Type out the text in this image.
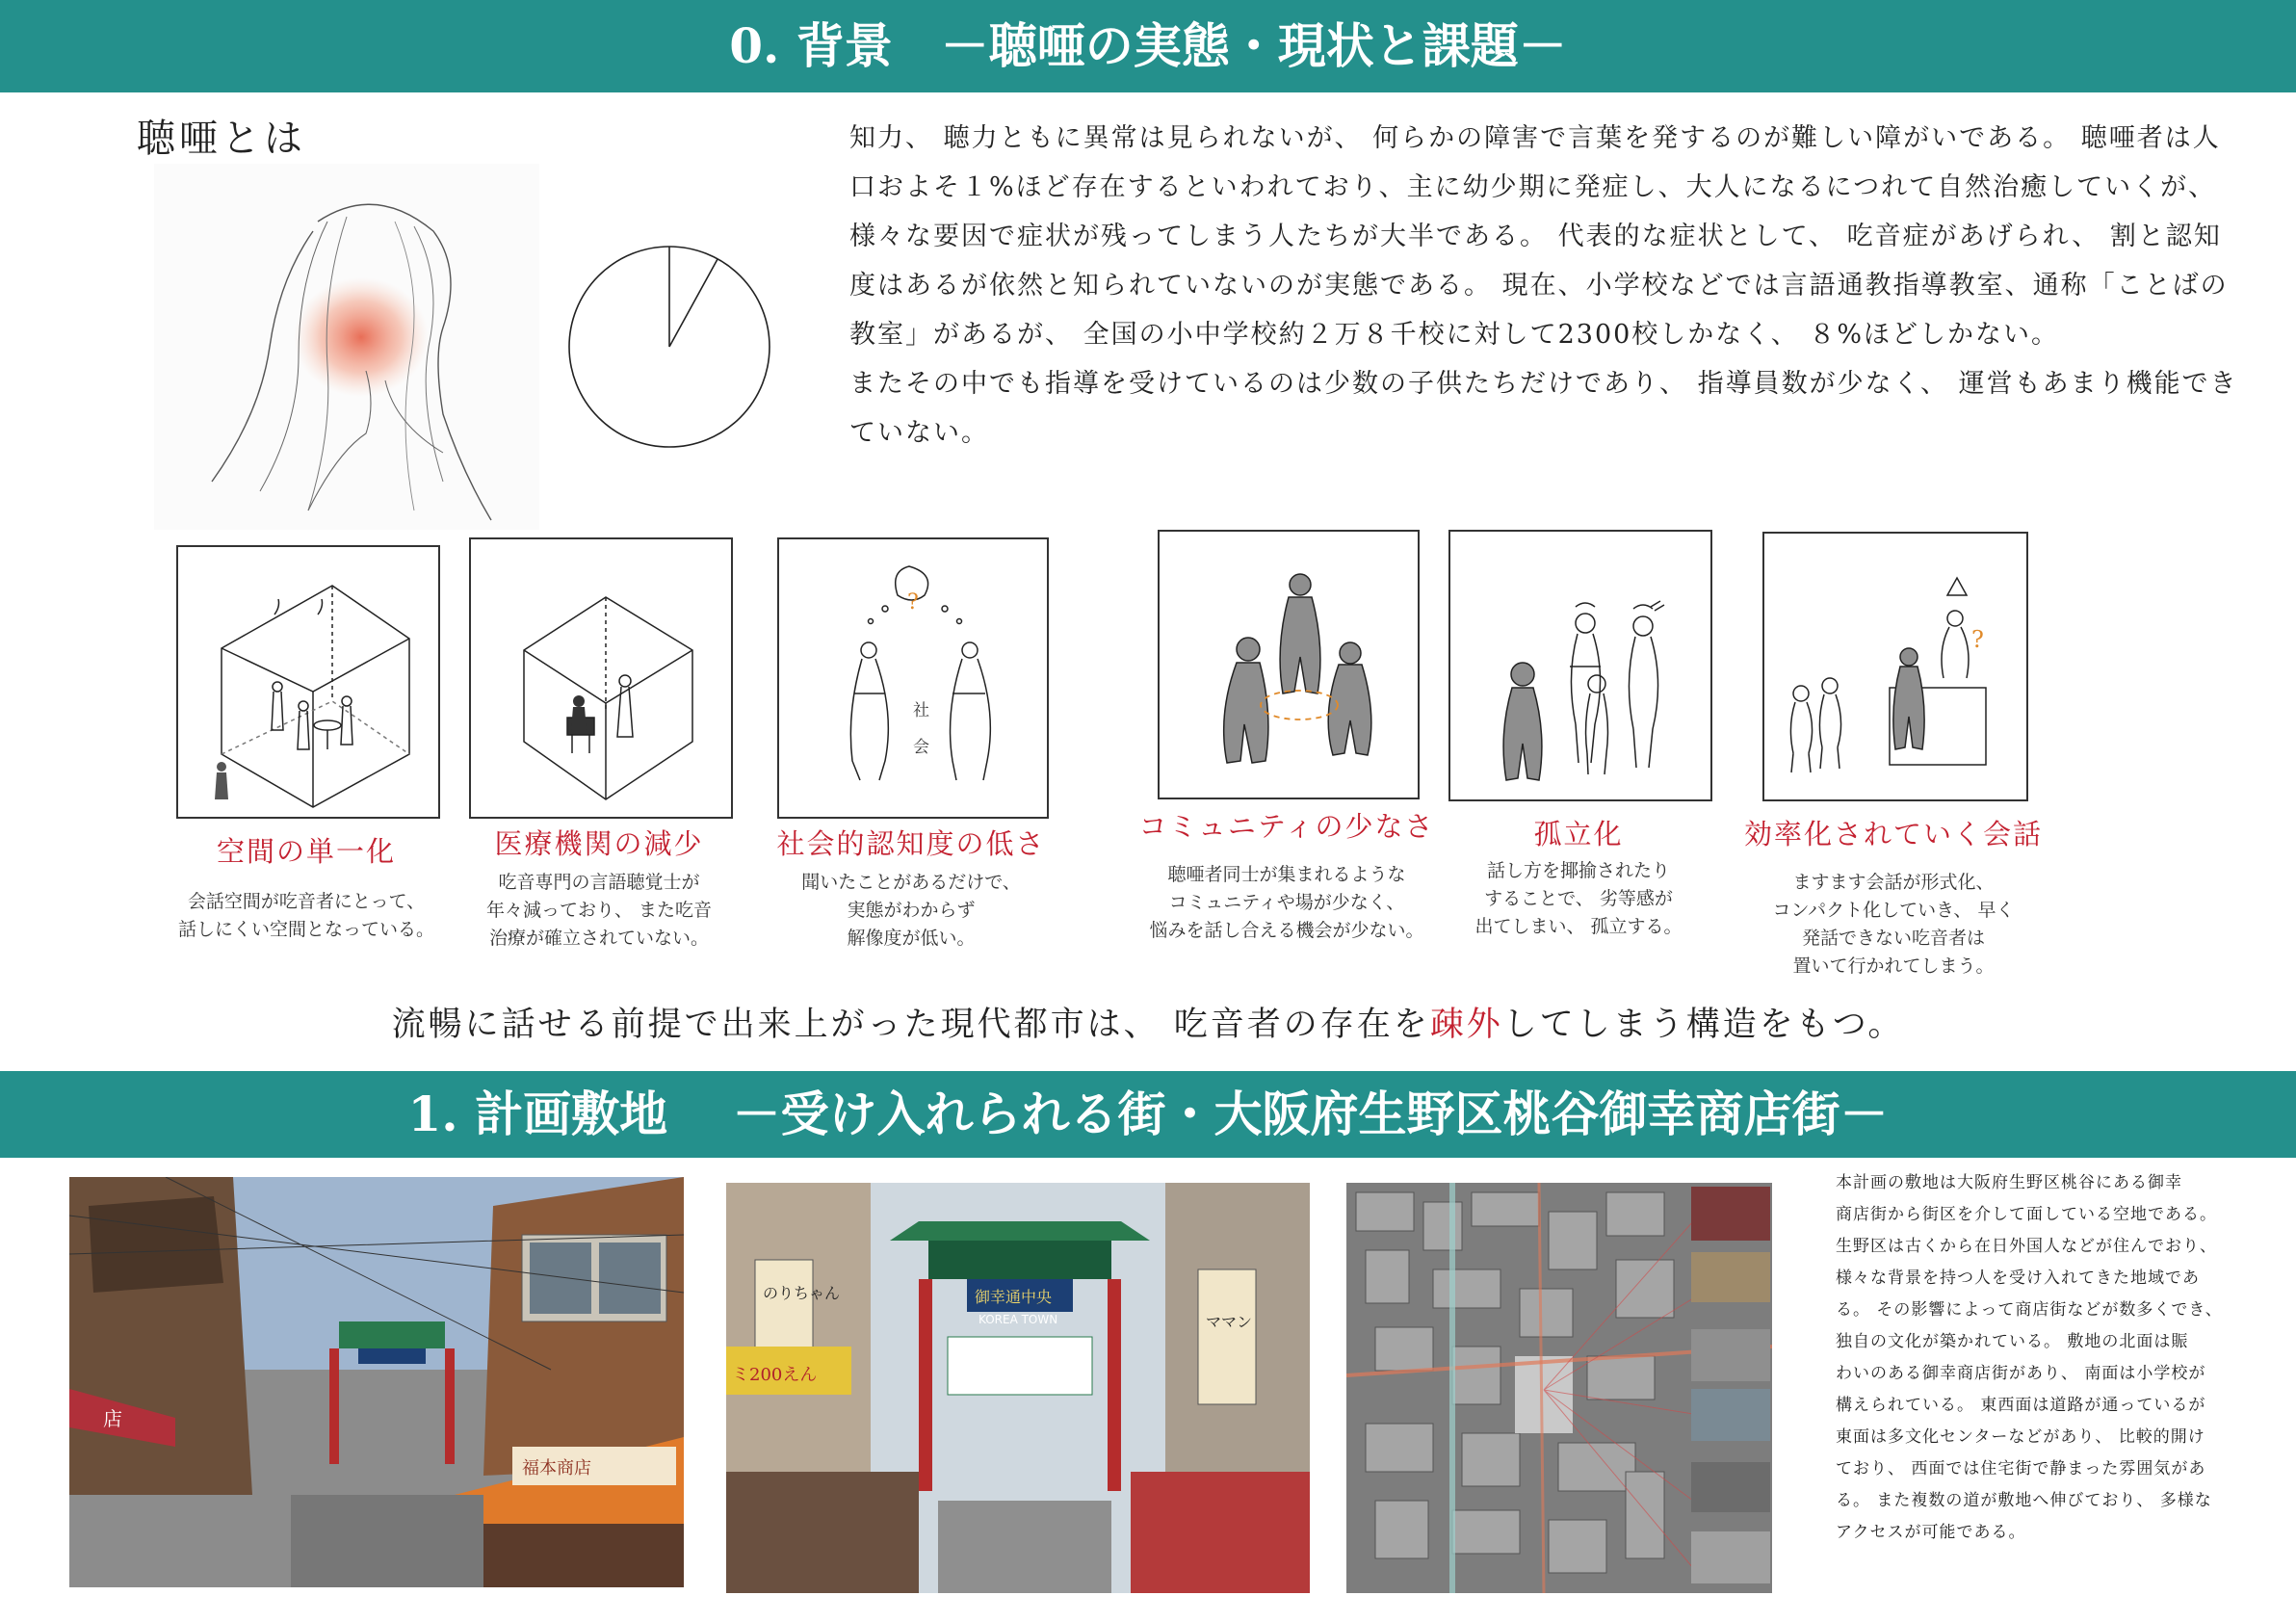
0. 背景　－聴唖の実態・現状と課題－
聴唖とは	知力、 聴力ともに異常は見られないが、 何らかの障害で言葉を発するのが難しい障がいである。 聴唖者は人口およそ１%ほど存在するといわれており、主に幼少期に発症し、大人になるにつれて自然治癒していくが、様々な要因で症状が残ってしまう人たちが大半である。 代表的な症状として、 吃音症があげられ、 割と認知度はあるが依然と知られていないのが実態である。 現在、小学校などでは言語通教指導教室、通称「ことばの教室」があるが、 全国の小中学校約２万８千校に対して2300校しかなく、 ８%ほどしかない。

またその中でも指導を受けているのは少数の子供たちだけであり、 指導員数が少なく、 運営もあまり機能できていない。

空間の単一化
会話空間が吃音者にとって、
話しにくい空間となっている。
医療機関の減少
吃音専門の言語聴覚士が
年々減っており、 また吃音
治療が確立されていない。
?
社
会
社会的認知度の低さ
聞いたことがあるだけで、
実態がわからず
解像度が低い。
コミュニティの少なさ
聴唖者同士が集まれるような
コミュニティや場が少なく、
悩みを話し合える機会が少ない。
孤立化
話し方を揶揄されたり
することで、 劣等感が
出てしまい、 孤立する。
?
効率化されていく会話
ますます会話が形式化、
コンパクト化していき、 早く
発話できない吃音者は
置いて行かれてしまう。
流暢に話せる前提で出来上がった現代都市は、 吃音者の存在を疎外してしまう構造をもつ。
1. 計画敷地　 －受け入れられる街・大阪府生野区桃谷御幸商店街－
店
福本商店
のりちゃん
ミ200えん
御幸通中央
KOREA TOWN	ママン
本計画の敷地は大阪府生野区桃谷にある御幸
商店街から街区を介して面している空地である。
生野区は古くから在日外国人などが住んでおり、
様々な背景を持つ人を受け入れてきた地域であ
る。 その影響によって商店街などが数多くでき、
独自の文化が築かれている。 敷地の北面は賑
わいのある御幸商店街があり、 南面は小学校が
構えられている。 東西面は道路が通っているが
東面は多文化センターなどがあり、 比較的開け
ており、 西面では住宅街で静まった雰囲気があ
る。 また複数の道が敷地へ伸びており、 多様な
アクセスが可能である。
